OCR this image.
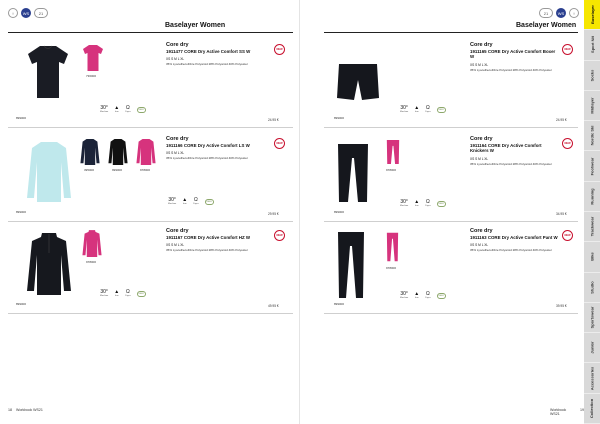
♀	WS	21
Baselayer Women
736000
899000
Core dry
1911477 CORE Dry Active Comfort SS W
XS S M L XL
35% Lyocell/ecoFibre Polyamid 28% Polyamid 40% Polyester
NEW
30°
Machine
▲
Iron
Ω
Dryer
OEKO
24.95 €
395000	999000	978000
899000
Core dry
1911166 CORE Dry Active Comfort LS W
XS S M L XL
35% Lyocell/ecoFibre Polyamid 28% Polyamid 40% Polyester
NEW
30°
Machine
▲
Iron
Ω
Dryer
OEKO
29.95 €
978000
899000
Core dry
1911167 CORE Dry Active Comfort HZ W
XS S M L XL
35% Lyocell/ecoFibre Polyamid 28% Polyamid 40% Polyester
NEW
30°
Machine
▲
Iron
Ω
Dryer
OEKO
49.95 €
18 Workbook WS21
21	WS	♀
Baselayer Women
899000
Core dry
1911165 CORE Dry Active Comfort Boxer W
XS S M L XL
35% Lyocell/ecoFibre Polyamid 28% Polyamid 40% Polyester
NEW
30°
Machine
▲
Iron
Ω
Dryer
OEKO
24.95 €
978000
899000
Core dry
1911164 CORE Dry Active Comfort Knickers W
XS S M L XL
35% Lyocell/ecoFibre Polyamid 28% Polyamid 40% Polyester
NEW
30°
Machine
▲
Iron
Ω
Dryer
OEKO
34.95 €
978000
899000
Core dry
1911163 CORE Dry Active Comfort Pant W
XS S M L XL
35% Lyocell/ecoFibre Polyamid 28% Polyamid 40% Polyester
NEW
30°
Machine
▲
Iron
Ω
Dryer
OEKO
39.95 €
Workbook WS21
19
Baselayer
Sport Nit
Socks
Midlayer
Nordic Ski
Footwear
Running
Trackwear
Bike
Studio
Sportswear
Junior
Accessories
Collection
